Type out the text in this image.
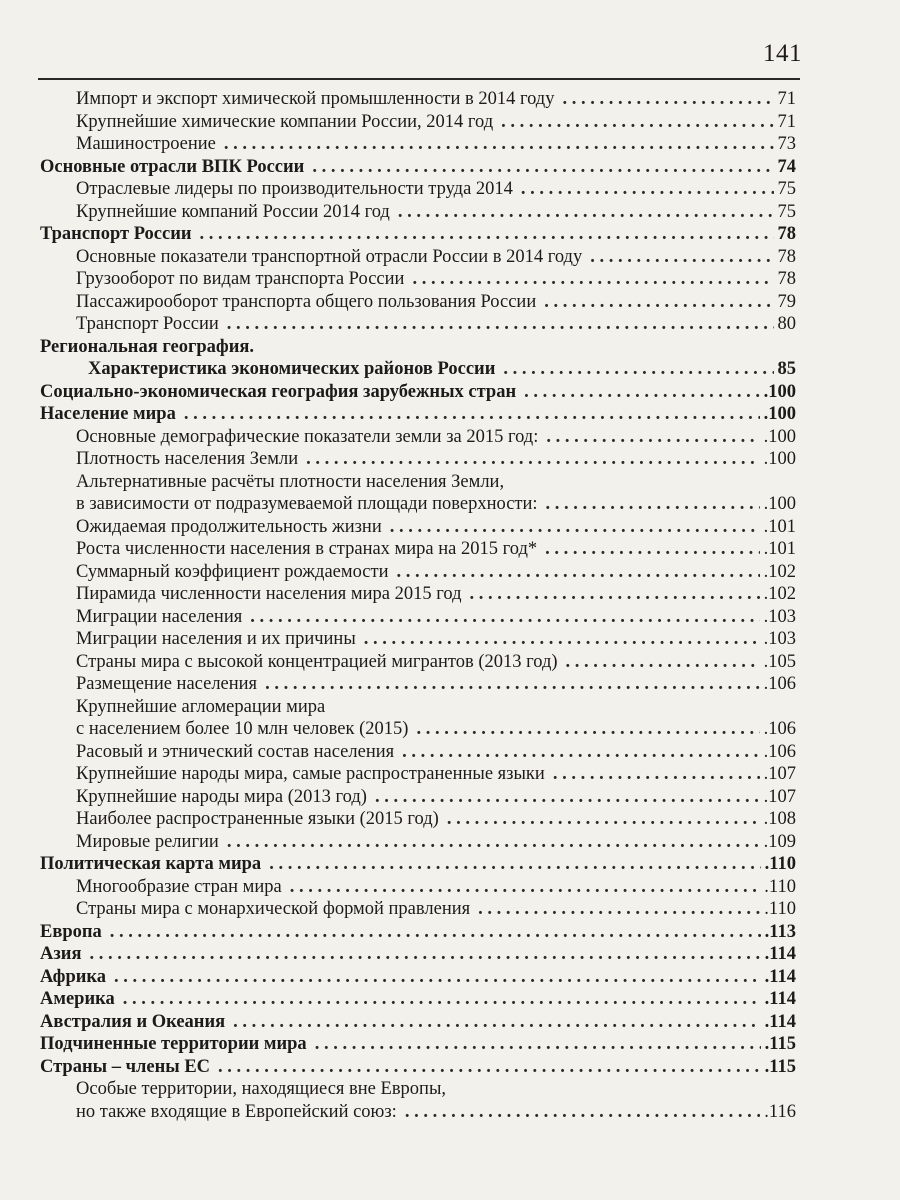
141
Импорт и экспорт химической промышленности в 2014 году . . .	71
Крупнейшие химические компании России, 2014 год . . .	71
Машиностроение . . .	73
Основные отрасли ВПК России . . .	74
Отраслевые лидеры по производительности труда 2014 . . .	75
Крупнейшие компаний России 2014 год . . .	75
Транспорт России . . .	78
Основные показатели транспортной отрасли России в 2014 году . . .	78
Грузооборот по видам транспорта России . . .	78
Пассажирооборот транспорта общего пользования России . . .	79
Транспорт России . . .	80
Региональная география.
Характеристика экономических районов России . . .	85
Социально-экономическая география зарубежных стран . . .	.100
Население мира . . .	.100
Основные демографические показатели земли за 2015 год: . . .	.100
Плотность населения Земли . . .	.100
Альтернативные расчёты плотности населения Земли,
в зависимости от подразумеваемой площади поверхности: . . .	.100
Ожидаемая продолжительность жизни . . .	.101
Роста численности населения в странах мира на 2015 год* . . .	.101
Суммарный коэффициент рождаемости . . .	.102
Пирамида численности населения мира 2015 год . . .	.102
Миграции населения . . .	.103
Миграции населения и их причины . . .	.103
Страны мира с высокой концентрацией мигрантов (2013 год) . . .	.105
Размещение населения . . .	.106
Крупнейшие агломерации мира
с населением более 10 млн человек (2015) . . .	.106
Расовый и этнический состав населения . . .	.106
Крупнейшие народы мира, самые распространенные языки . . .	.107
Крупнейшие народы мира (2013 год) . . .	.107
Наиболее распространенные языки (2015 год) . . .	.108
Мировые религии . . .	.109
Политическая карта мира . . .	.110
Многообразие стран мира . . .	.110
Страны мира с монархической формой правления . . .	.110
Европа . . .	.113
Азия . . .	.114
Африка . . .	.114
Америка . . .	.114
Австралия и Океания . . .	.114
Подчиненные территории мира . . .	.115
Страны – члены ЕС . . .	.115
Особые территории, находящиеся вне Европы,
но также входящие в Европейский союз: . . .	.116
